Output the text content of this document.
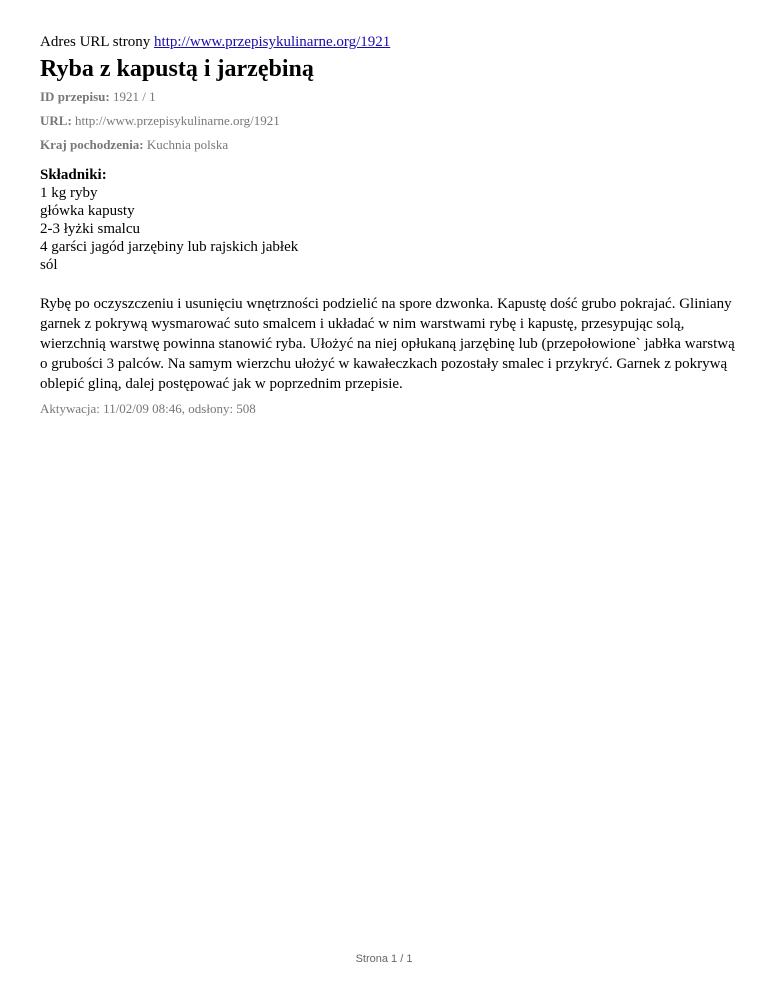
Adres URL strony http://www.przepisykulinarne.org/1921

Ryba z kapustą i jarzębiną

ID przepisu: 1921 / 1

URL: http://www.przepisykulinarne.org/1921

Kraj pochodzenia: Kuchnia polska

Składniki:
1 kg ryby
główka kapusty
2-3 łyżki smalcu
4 garści jagód jarzębiny lub rajskich jabłek
sól
Rybę po oczyszczeniu i usunięciu wnętrzności podzielić na spore dzwonka. Kapustę dość grubo pokrajać. Gliniany garnek z pokrywą wysmarować suto smalcem i układać w nim warstwami rybę i kapustę, przesypując solą, wierzchnią warstwę powinna stanowić ryba. Ułożyć na niej opłukaną jarzębinę lub (przepołowione` jabłka warstwą o grubości 3 palców. Na samym wierzchu ułożyć w kawałeczkach pozostały smalec i przykryć. Garnek z pokrywą oblepić gliną, dalej postępować jak w poprzednim przepisie.
Aktywacja: 11/02/09 08:46, odsłony: 508
Strona 1 / 1
